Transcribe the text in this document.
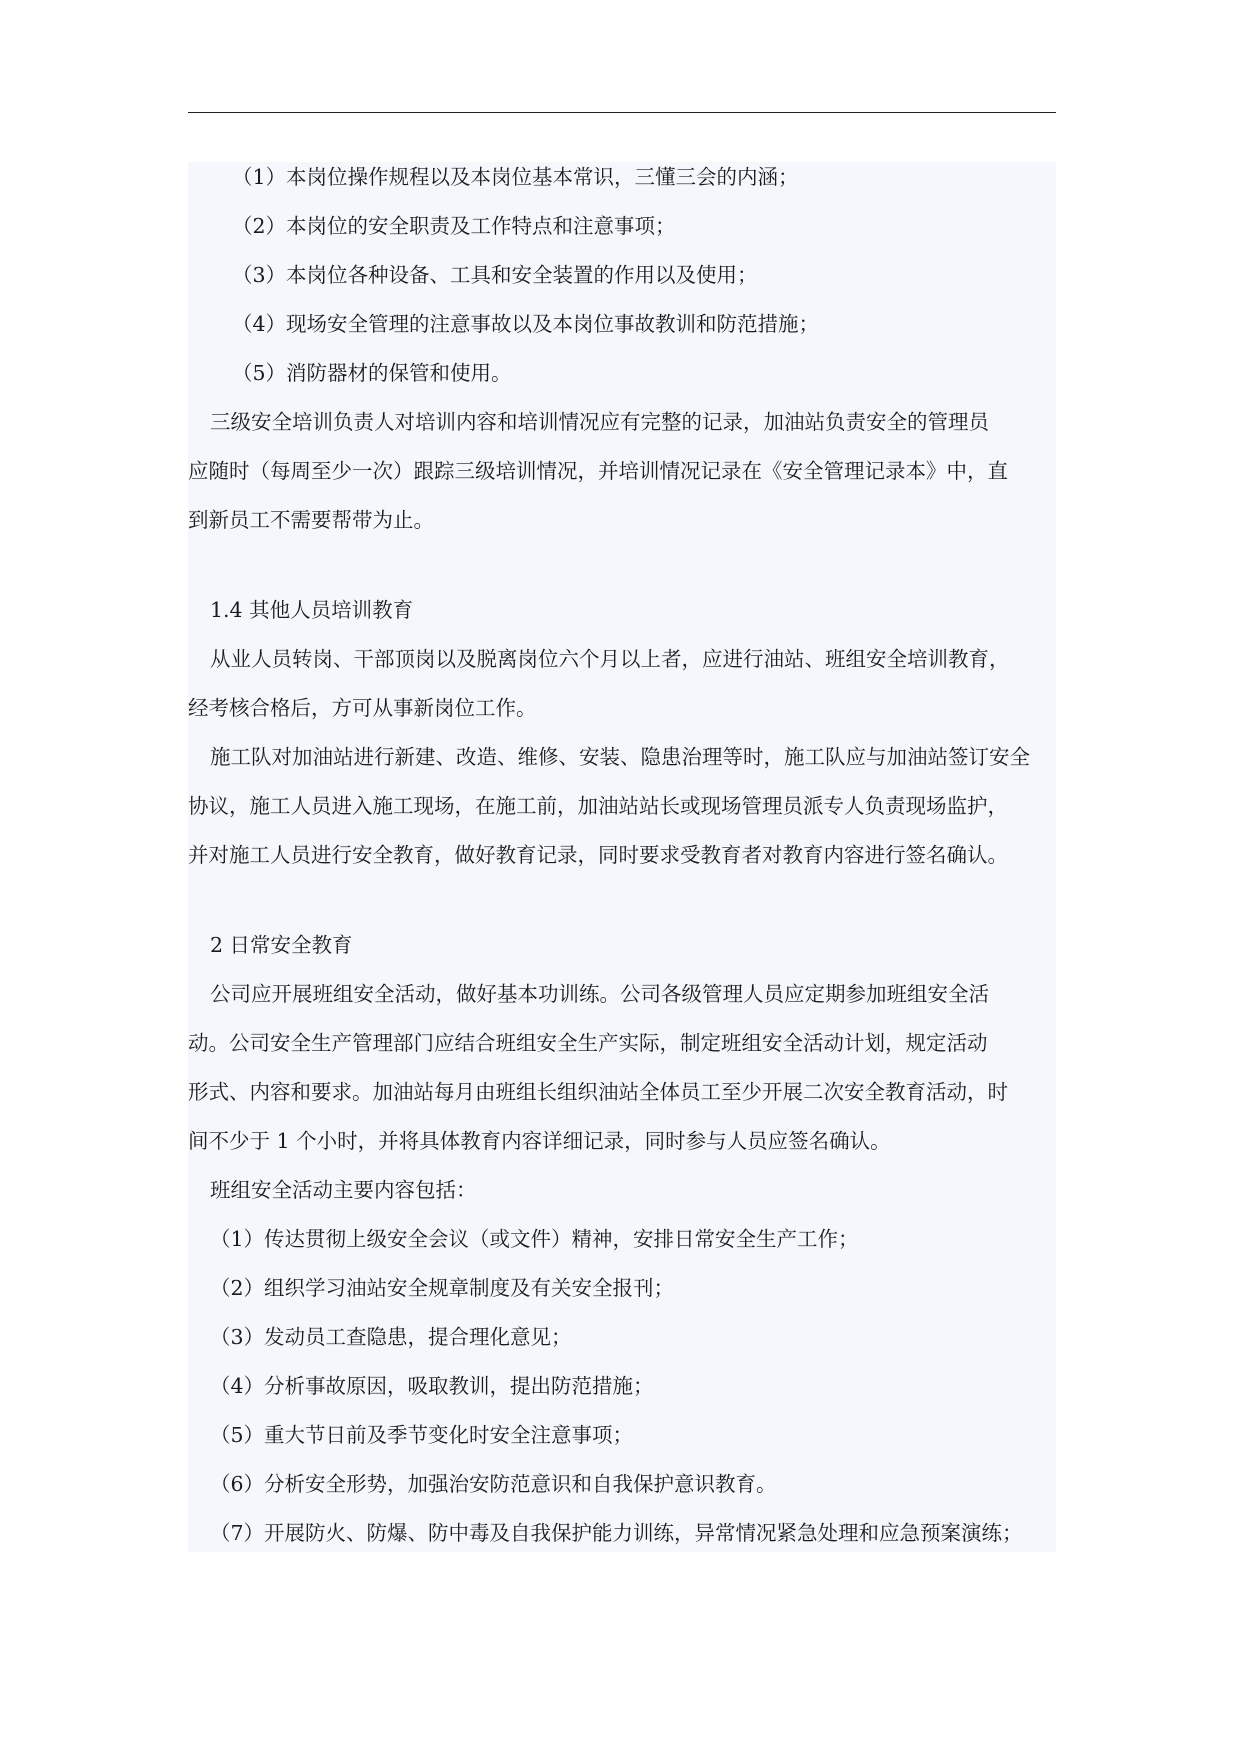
（1）本岗位操作规程以及本岗位基本常识，三懂三会的内涵；
（2）本岗位的安全职责及工作特点和注意事项；
（3）本岗位各种设备、工具和安全装置的作用以及使用；
（4）现场安全管理的注意事故以及本岗位事故教训和防范措施；
（5）消防器材的保管和使用。
三级安全培训负责人对培训内容和培训情况应有完整的记录，加油站负责安全的管理员
应随时（每周至少一次）跟踪三级培训情况，并培训情况记录在《安全管理记录本》中，直
到新员工不需要帮带为止。
1.4 其他人员培训教育
从业人员转岗、干部顶岗以及脱离岗位六个月以上者，应进行油站、班组安全培训教育，
经考核合格后，方可从事新岗位工作。
施工队对加油站进行新建、改造、维修、安装、隐患治理等时，施工队应与加油站签订安全
协议，施工人员进入施工现场，在施工前，加油站站长或现场管理员派专人负责现场监护，
并对施工人员进行安全教育，做好教育记录，同时要求受教育者对教育内容进行签名确认。
2 日常安全教育
公司应开展班组安全活动，做好基本功训练。公司各级管理人员应定期参加班组安全活
动。公司安全生产管理部门应结合班组安全生产实际，制定班组安全活动计划，规定活动
形式、内容和要求。加油站每月由班组长组织油站全体员工至少开展二次安全教育活动，时
间不少于 1 个小时，并将具体教育内容详细记录，同时参与人员应签名确认。
班组安全活动主要内容包括：
（1）传达贯彻上级安全会议（或文件）精神，安排日常安全生产工作；
（2）组织学习油站安全规章制度及有关安全报刊；
（3）发动员工查隐患，提合理化意见；
（4）分析事故原因，吸取教训，提出防范措施；
（5）重大节日前及季节变化时安全注意事项；
（6）分析安全形势，加强治安防范意识和自我保护意识教育。
（7）开展防火、防爆、防中毒及自我保护能力训练，异常情况紧急处理和应急预案演练；
